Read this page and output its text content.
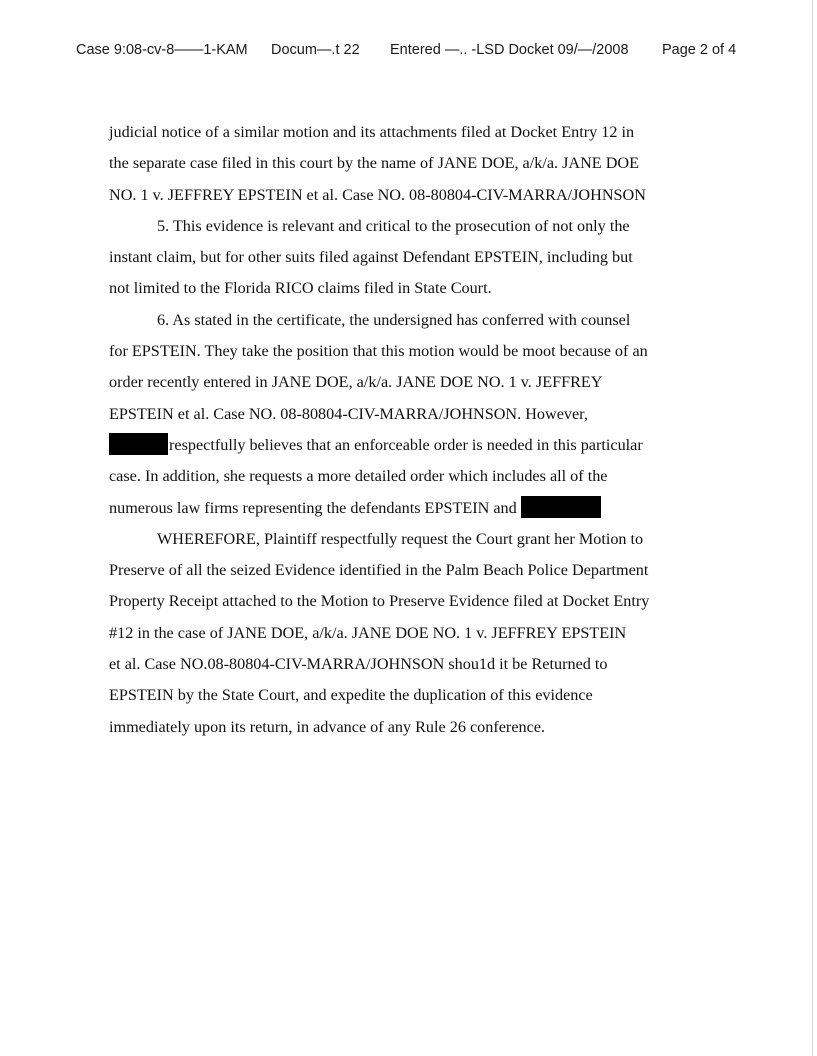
Case 9:08-cv-8——1-KAM Docum—.t 22 Entered —.. -LSD Docket 09/—/2008 Page 2 of 4
judicial notice of a similar motion and its attachments filed at Docket Entry 12 in
the separate case filed in this court by the name of JANE DOE, a/k/a. JANE DOE
NO. 1 v. JEFFREY EPSTEIN et al. Case NO. 08-80804-CIV-MARRA/JOHNSON
5. This evidence is relevant and critical to the prosecution of not only the
instant claim, but for other suits filed against Defendant EPSTEIN, including but
not limited to the Florida RICO claims filed in State Court.
6. As stated in the certificate, the undersigned has conferred with counsel
for EPSTEIN. They take the position that this motion would be moot because of an
order recently entered in JANE DOE, a/k/a. JANE DOE NO. 1 v. JEFFREY
EPSTEIN et al. Case NO. 08-80804-CIV-MARRA/JOHNSON. However,
respectfully believes that an enforceable order is needed in this particular
case. In addition, she requests a more detailed order which includes all of the
numerous law firms representing the defendants EPSTEIN and
WHEREFORE, Plaintiff respectfully request the Court grant her Motion to
Preserve of all the seized Evidence identified in the Palm Beach Police Department
Property Receipt attached to the Motion to Preserve Evidence filed at Docket Entry
#12 in the case of JANE DOE, a/k/a. JANE DOE NO. 1 v. JEFFREY EPSTEIN
et al. Case NO.08-80804-CIV-MARRA/JOHNSON shou1d it be Returned to
EPSTEIN by the State Court, and expedite the duplication of this evidence
immediately upon its return, in advance of any Rule 26 conference.
